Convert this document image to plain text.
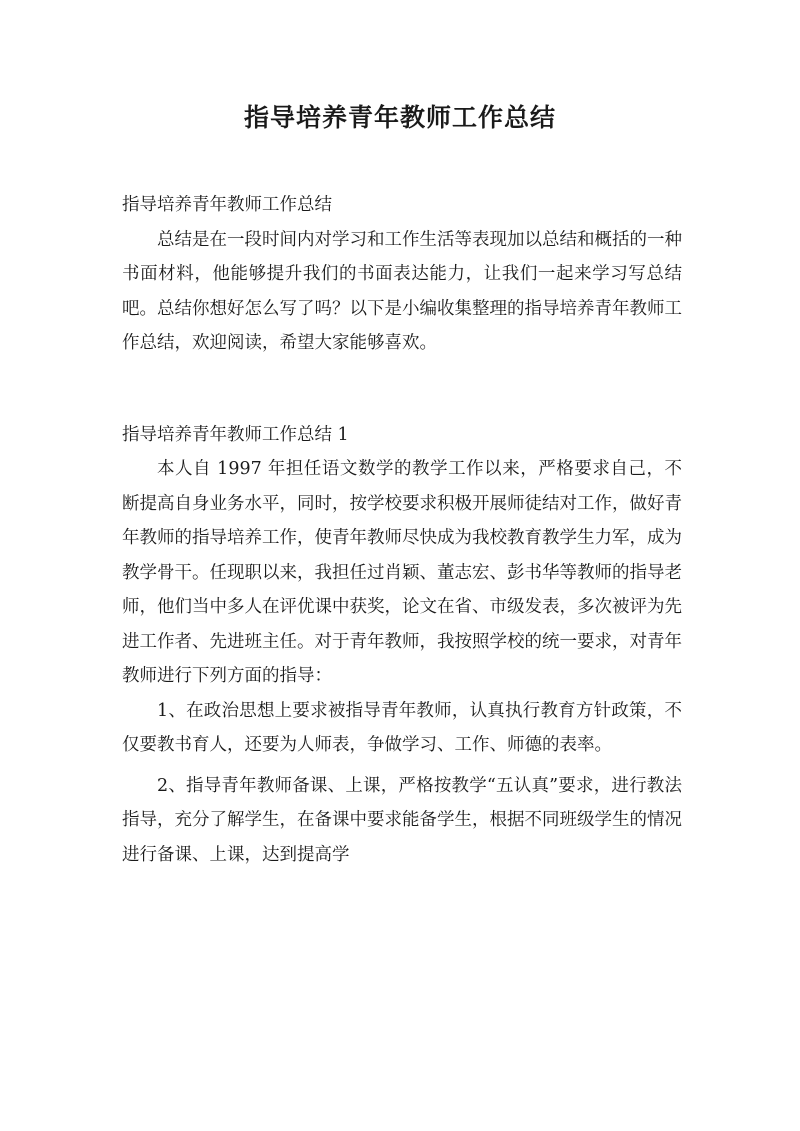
指导培养青年教师工作总结

指导培养青年教师工作总结

总结是在一段时间内对学习和工作生活等表现加以总结和概括的一种书面材料，他能够提升我们的书面表达能力，让我们一起来学习写总结吧。总结你想好怎么写了吗？以下是小编收集整理的指导培养青年教师工作总结，欢迎阅读，希望大家能够喜欢。

指导培养青年教师工作总结 1

本人自 1997 年担任语文数学的教学工作以来，严格要求自己，不断提高自身业务水平，同时，按学校要求积极开展师徒结对工作，做好青年教师的指导培养工作，使青年教师尽快成为我校教育教学生力军，成为教学骨干。任现职以来，我担任过肖颖、董志宏、彭书华等教师的指导老师，他们当中多人在评优课中获奖，论文在省、市级发表，多次被评为先进工作者、先进班主任。对于青年教师，我按照学校的统一要求，对青年教师进行下列方面的指导：

1、在政治思想上要求被指导青年教师，认真执行教育方针政策，不仅要教书育人，还要为人师表，争做学习、工作、师德的表率。

2、指导青年教师备课、上课，严格按教学“五认真”要求，进行教法指导，充分了解学生，在备课中要求能备学生，根据不同班级学生的情况进行备课、上课，达到提高学
